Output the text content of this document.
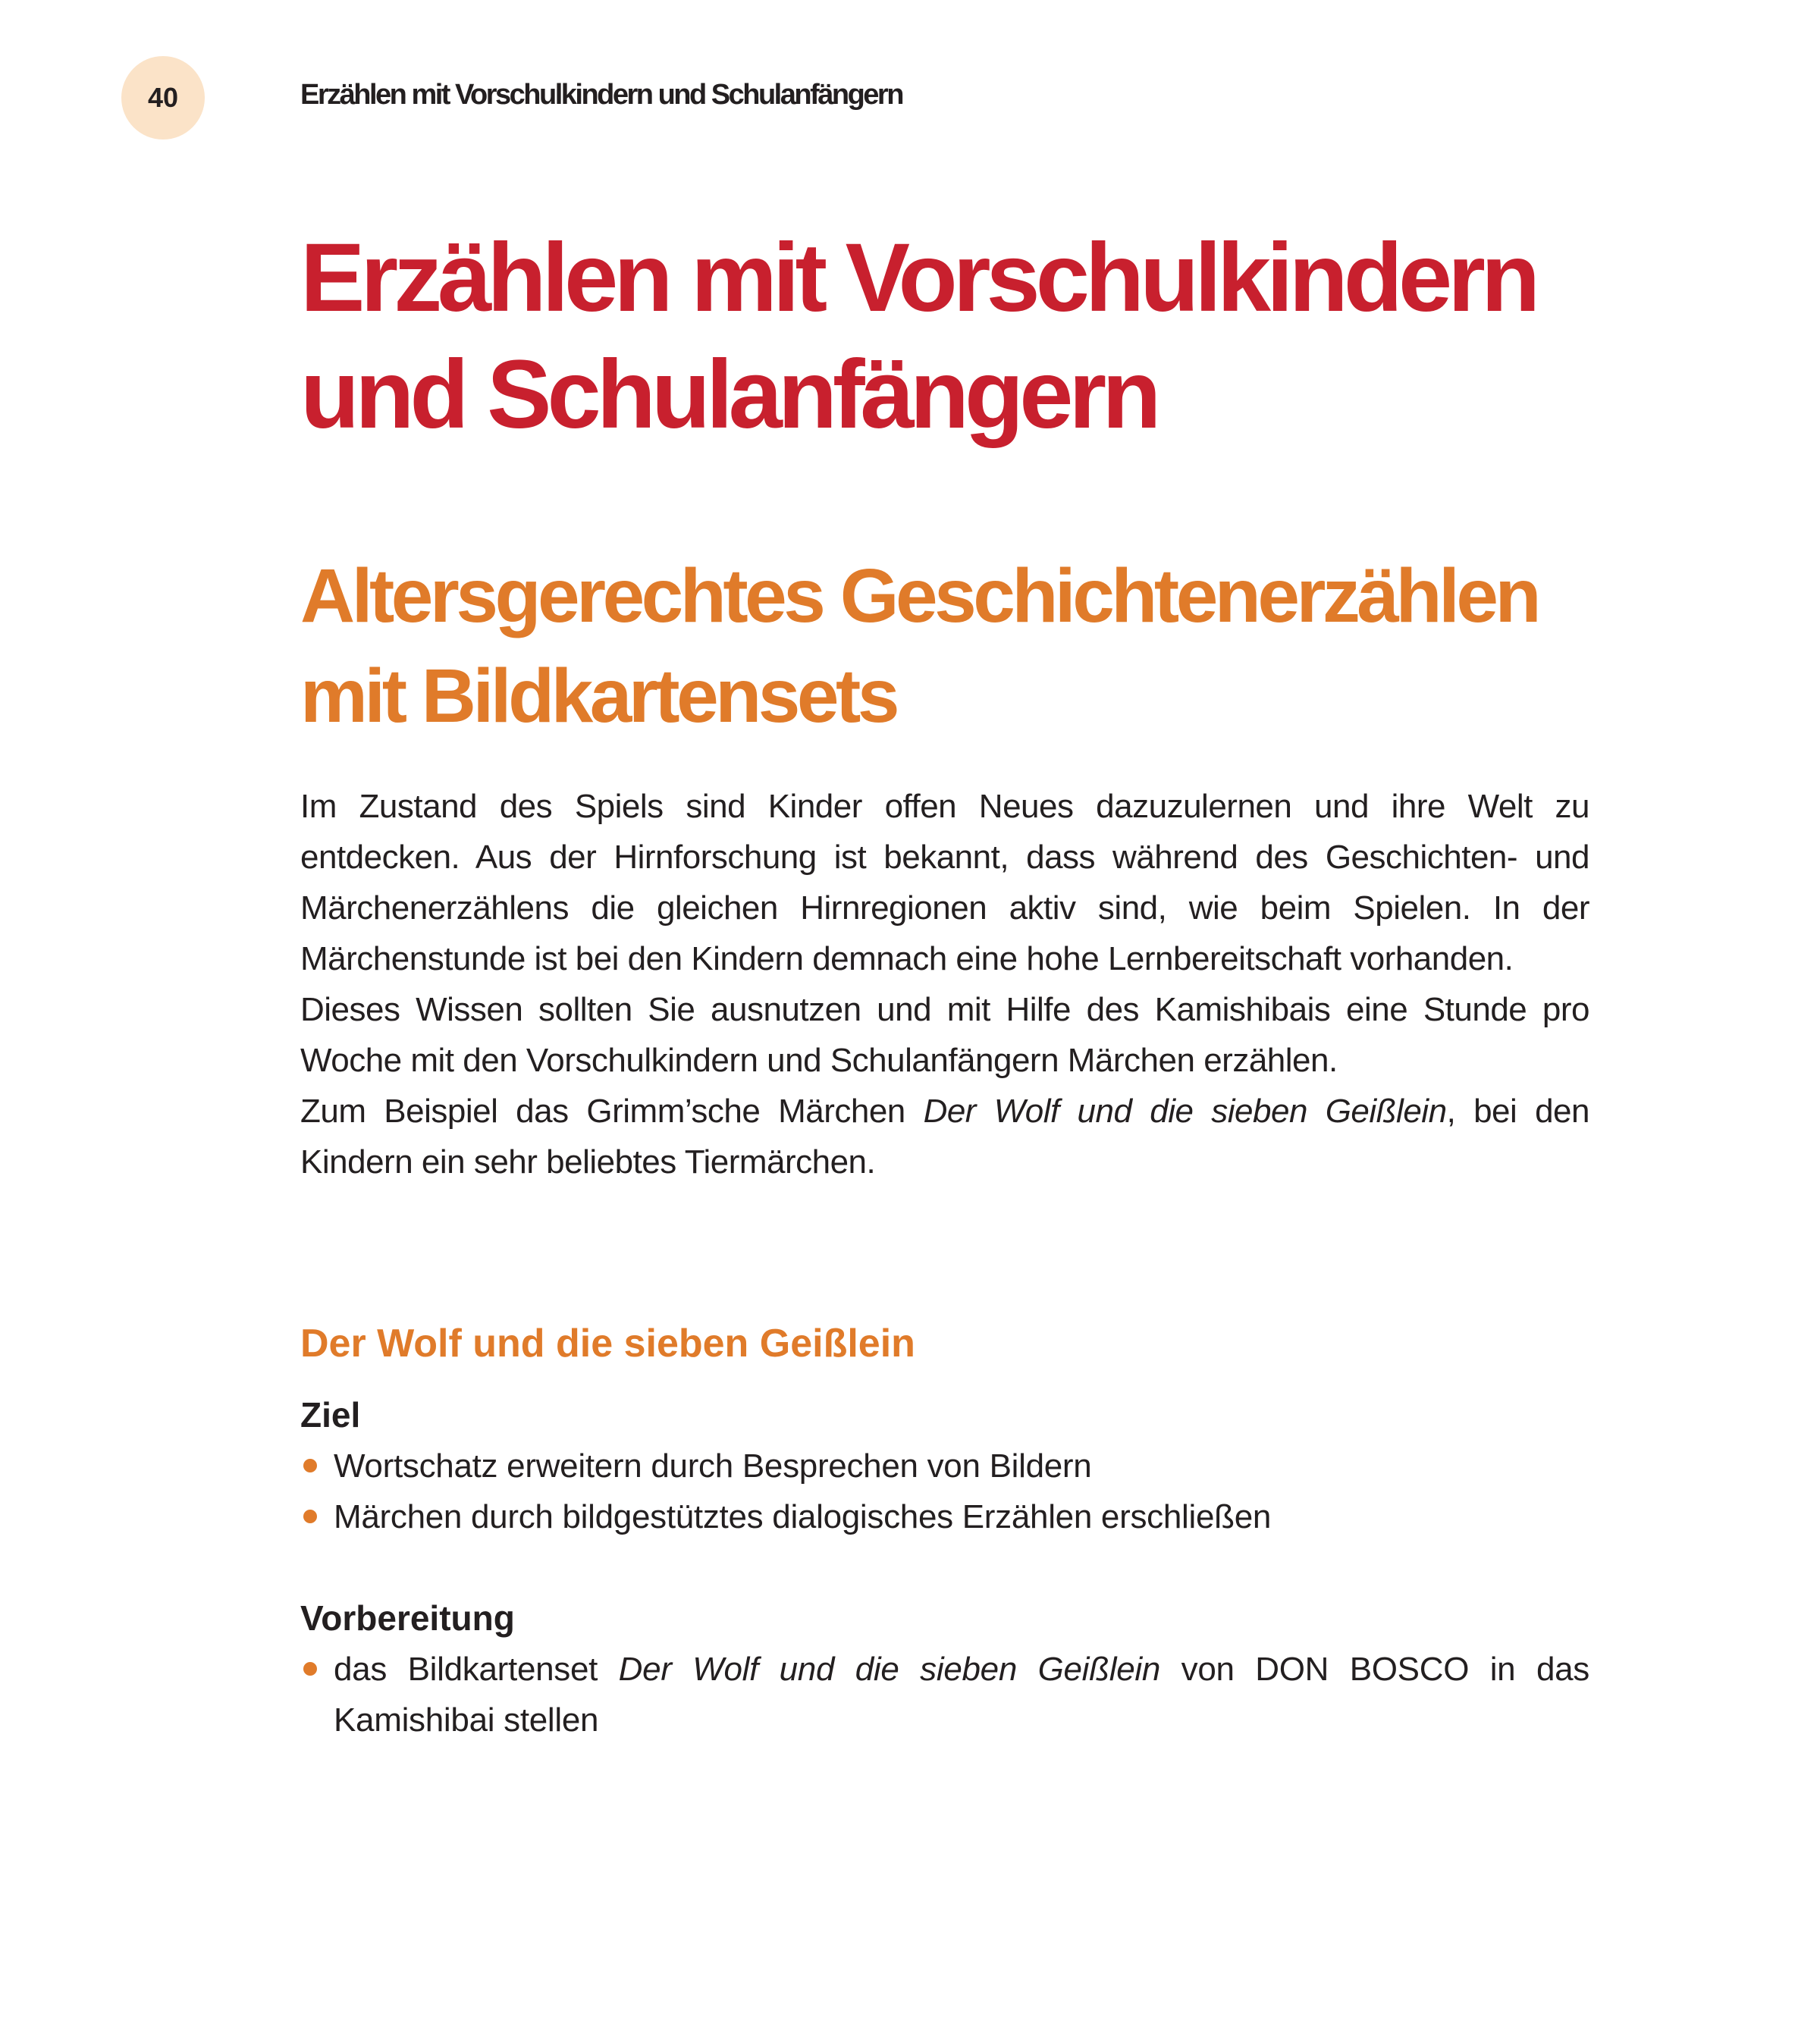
40	Erzählen mit Vorschulkindern und Schulanfängern
Erzählen mit Vorschulkindern und Schulanfängern
Altersgerechtes Geschichtenerzählen mit Bildkartensets

Im Zustand des Spiels sind Kinder offen Neues dazuzulernen und ihre Welt zu entdecken. Aus der Hirnforschung ist bekannt, dass während des Geschichten- und Märchenerzählens die gleichen Hirnregionen aktiv sind, wie beim Spielen. In der Märchenstunde ist bei den Kindern demnach eine hohe Lernbereitschaft vorhanden.

Dieses Wissen sollten Sie ausnutzen und mit Hilfe des Kamishibais eine Stunde pro Woche mit den Vorschulkindern und Schulanfängern Märchen erzählen.

Zum Beispiel das Grimm’sche Märchen Der Wolf und die sieben Geißlein, bei den Kindern ein sehr beliebtes Tiermärchen.

Der Wolf und die sieben Geißlein
Ziel
Wortschatz erweitern durch Besprechen von Bildern
Märchen durch bildgestütztes dialogisches Erzählen erschließen
Vorbereitung
das Bildkartenset Der Wolf und die sieben Geißlein von DON BOSCO in das Kamishibai stellen
